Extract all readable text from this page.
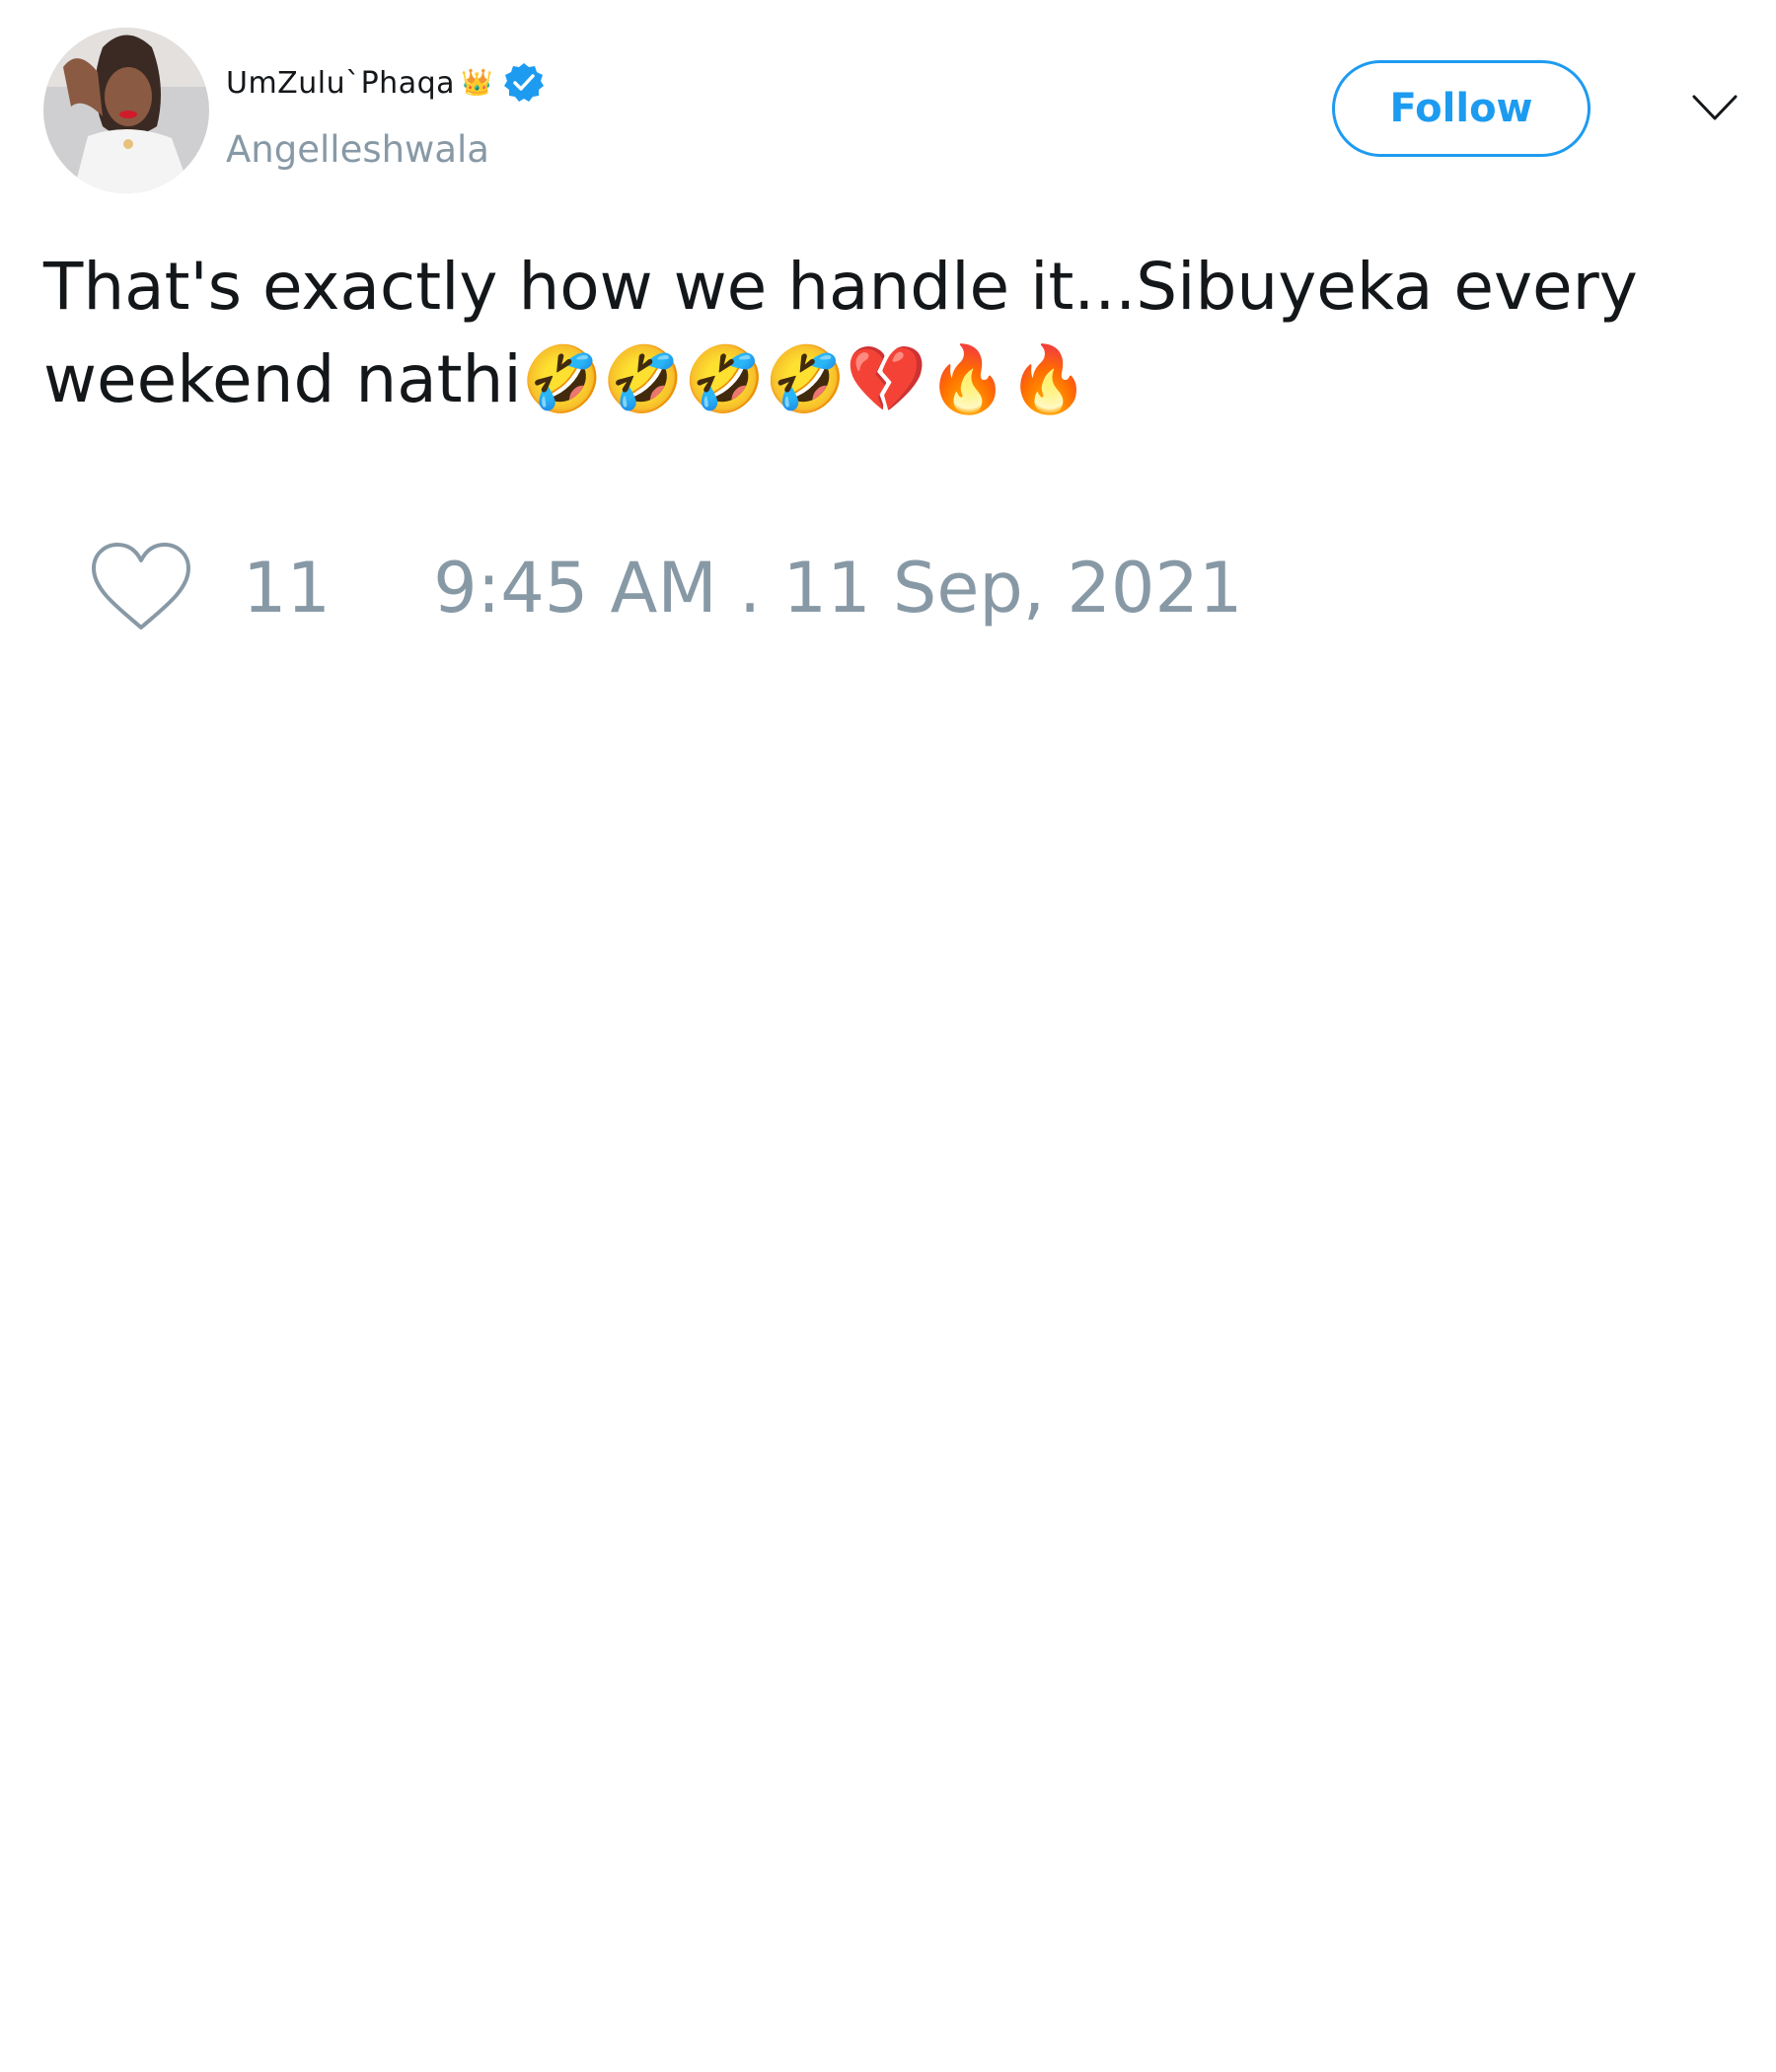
UmZulu`Phaqa 👑
Angelleshwala
Follow

That's exactly how we handle it...Sibuyeka every weekend nathi🤣🤣🤣🤣💔🔥🔥

11 9:45 AM . 11 Sep, 2021
